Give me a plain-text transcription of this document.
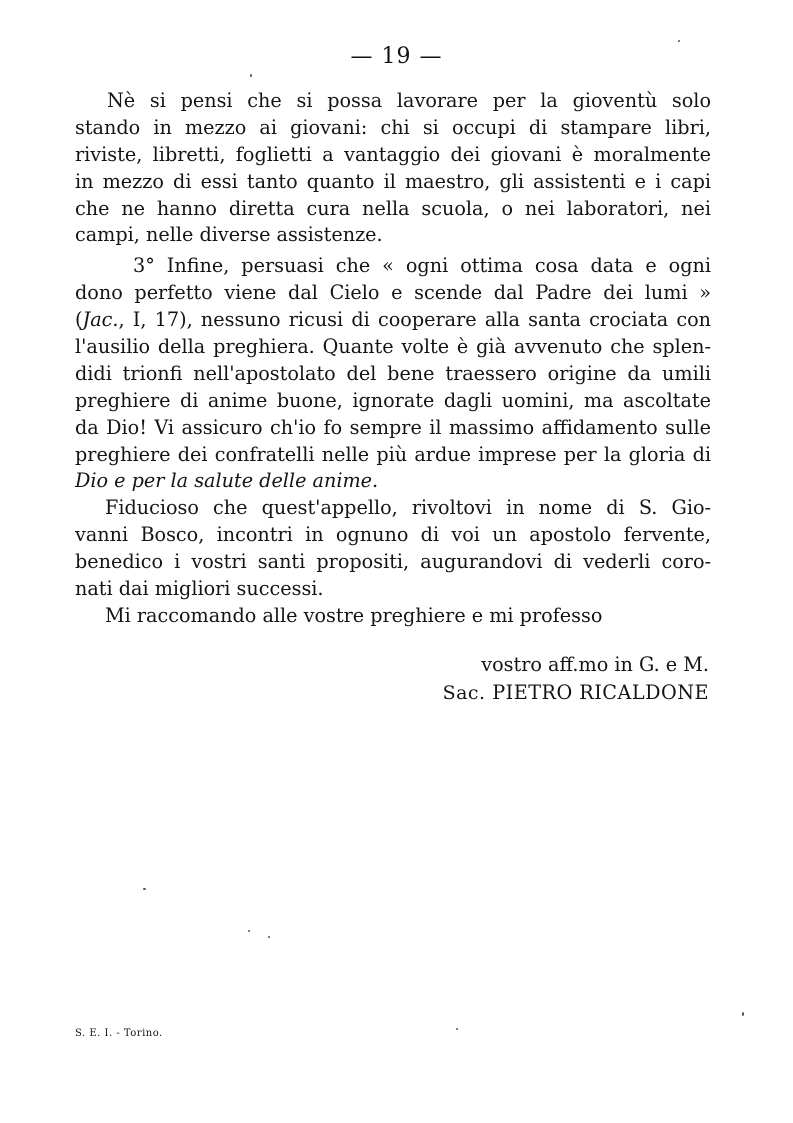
— 19 —
Nè si pensi che si possa lavorare per la gioventù solo
stando in mezzo ai giovani: chi si occupi di stampare libri,
riviste, libretti, foglietti a vantaggio dei giovani è moralmente
in mezzo di essi tanto quanto il maestro, gli assistenti e i capi
che ne hanno diretta cura nella scuola, o nei laboratori, nei
campi, nelle diverse assistenze.
3° Infine, persuasi che « ogni ottima cosa data e ogni
dono perfetto viene dal Cielo e scende dal Padre dei lumi »
(Jac., I, 17), nessuno ricusi di cooperare alla santa crociata con
l'ausilio della preghiera. Quante volte è già avvenuto che splen-
didi trionfi nell'apostolato del bene traessero origine da umili
preghiere di anime buone, ignorate dagli uomini, ma ascoltate
da Dio! Vi assicuro ch'io fo sempre il massimo affidamento sulle
preghiere dei confratelli nelle più ardue imprese per la gloria di
Dio e per la salute delle anime.
Fiducioso che quest'appello, rivoltovi in nome di S. Gio-
vanni Bosco, incontri in ognuno di voi un apostolo fervente,
benedico i vostri santi propositi, augurandovi di vederli coro-
nati dai migliori successi.
Mi raccomando alle vostre preghiere e mi professo
vostro aff.mo in G. e M.
Sac. PIETRO RICALDONE
S. E. I. - Torino.
